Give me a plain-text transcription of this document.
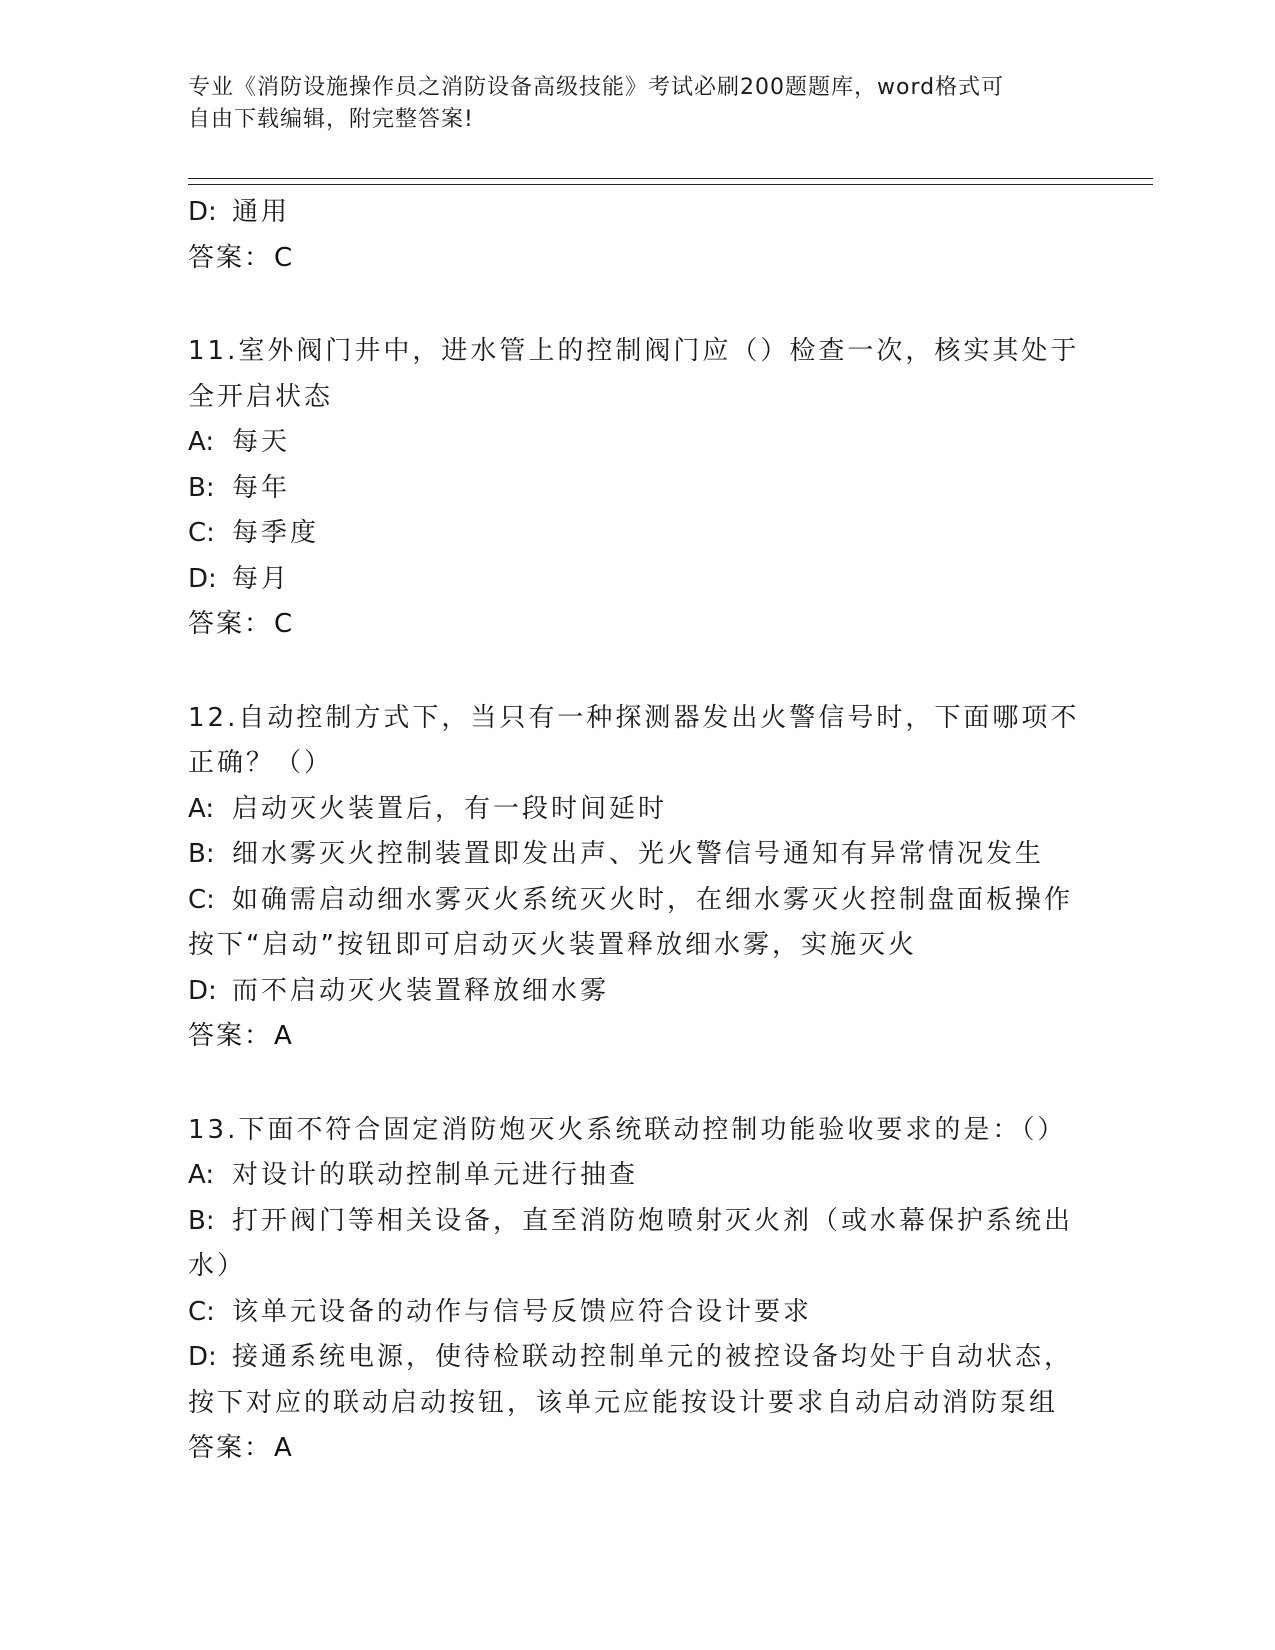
专业《消防设施操作员之消防设备高级技能》考试必刷200题题库，word格式可
自由下载编辑，附完整答案!
D: 通用
答案：C
11.室外阀门井中，进水管上的控制阀门应（）检查一次，核实其处于
全开启状态
A: 每天
B: 每年
C: 每季度
D: 每月
答案：C
12.自动控制方式下，当只有一种探测器发出火警信号时，下面哪项不
正确？（）
A: 启动灭火装置后，有一段时间延时
B: 细水雾灭火控制装置即发出声、光火警信号通知有异常情况发生
C: 如确需启动细水雾灭火系统灭火时，在细水雾灭火控制盘面板操作
按下“启动”按钮即可启动灭火装置释放细水雾，实施灭火
D: 而不启动灭火装置释放细水雾
答案：A
13.下面不符合固定消防炮灭火系统联动控制功能验收要求的是：（）
A: 对设计的联动控制单元进行抽查
B: 打开阀门等相关设备，直至消防炮喷射灭火剂（或水幕保护系统出
水）
C: 该单元设备的动作与信号反馈应符合设计要求
D: 接通系统电源，使待检联动控制单元的被控设备均处于自动状态，
按下对应的联动启动按钮，该单元应能按设计要求自动启动消防泵组
答案：A
